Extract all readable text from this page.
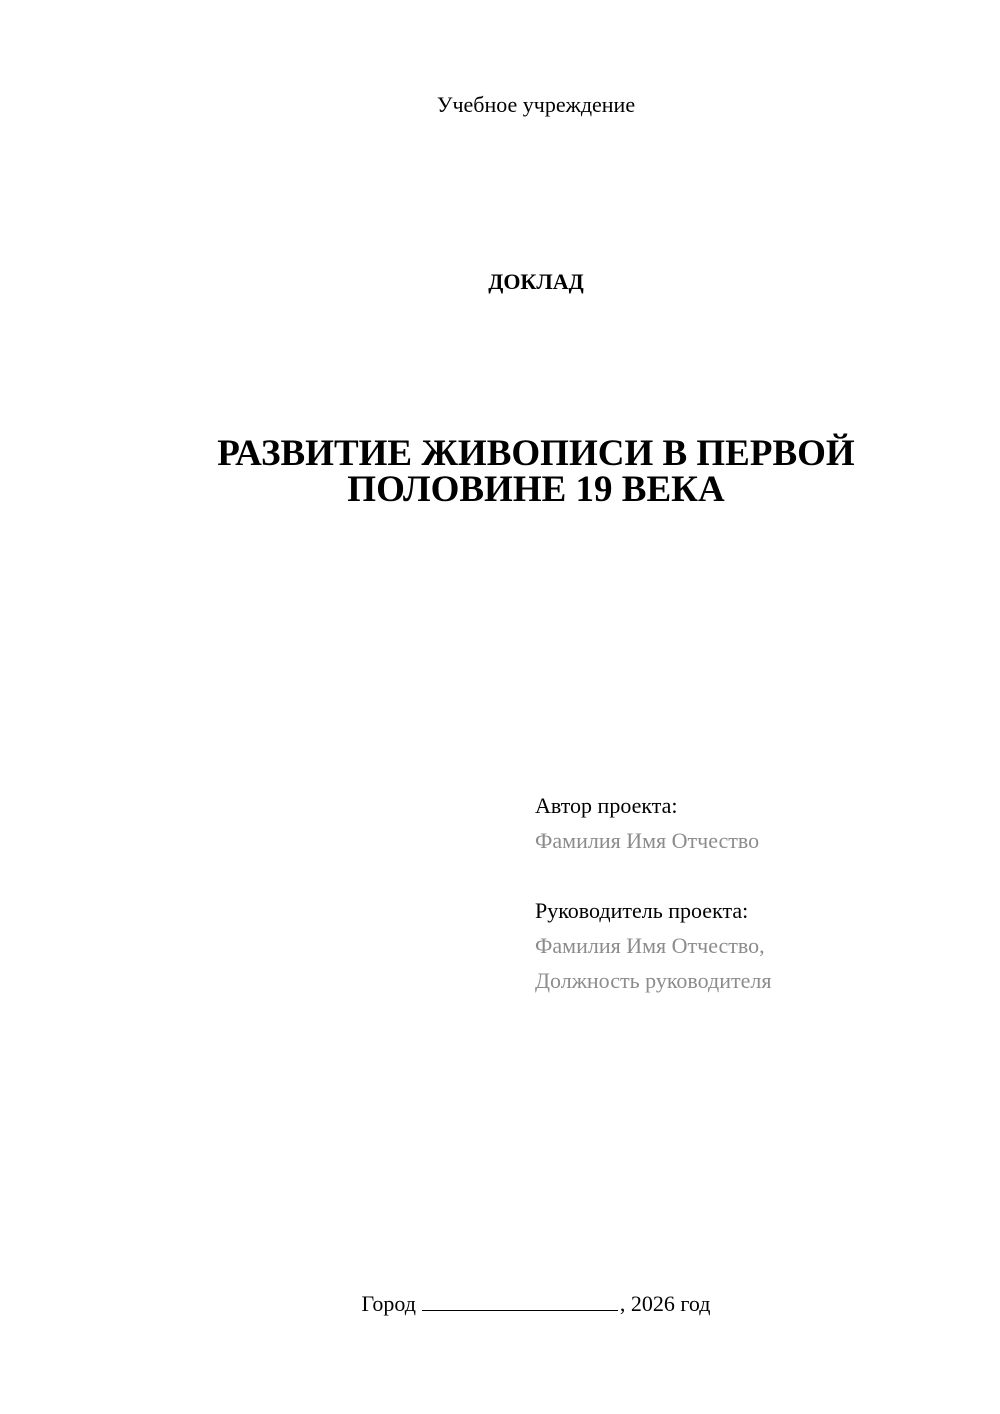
Учебное учреждение
ДОКЛАД
РАЗВИТИЕ ЖИВОПИСИ В ПЕРВОЙ
ПОЛОВИНЕ 19 ВЕКА
Автор проекта:
Фамилия Имя Отчество
Руководитель проекта:
Фамилия Имя Отчество,
Должность руководителя
Город	, 2026 год
